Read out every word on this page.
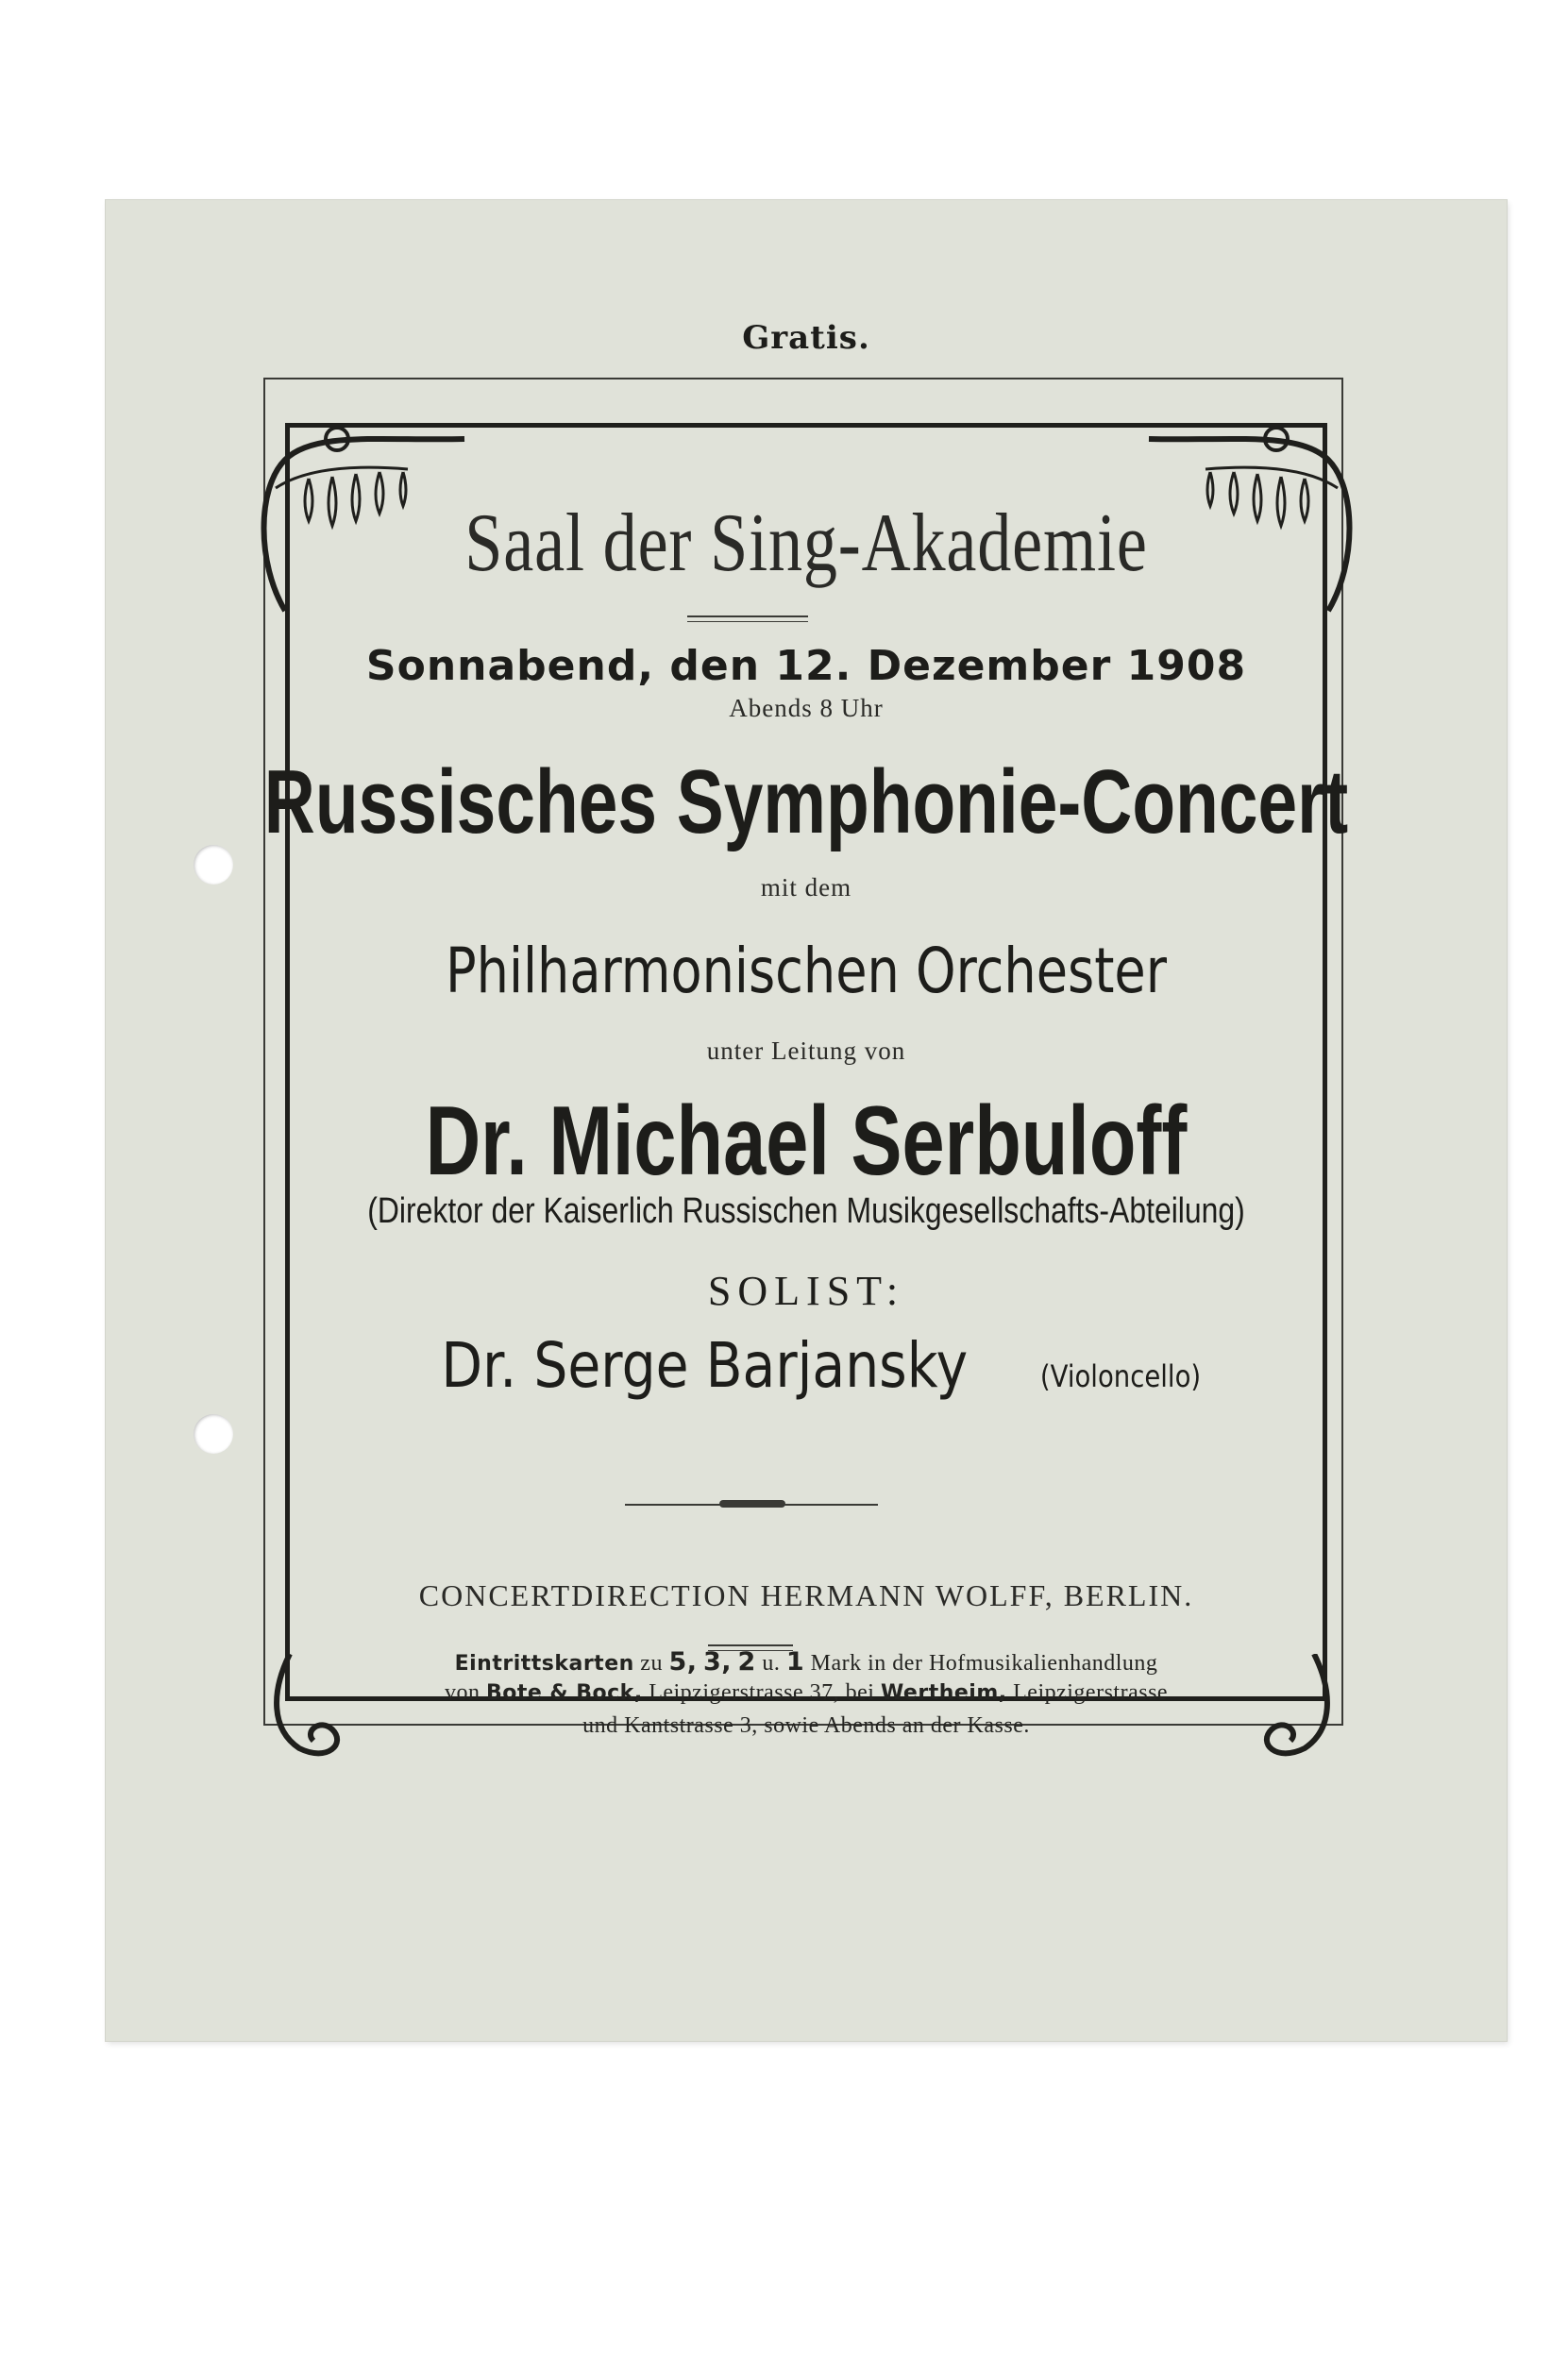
Gratis.
Saal der Sing-Akademie
Sonnabend, den 12. Dezember 1908
Abends 8 Uhr
Russisches Symphonie-Concert
mit dem
Philharmonischen Orchester
unter Leitung von
Dr. Michael Serbuloff
(Direktor der Kaiserlich Russischen Musikgesellschafts-Abteilung)
SOLIST:
Dr. Serge Barjansky (Violoncello)
CONCERTDIRECTION HERMANN WOLFF, BERLIN.
Eintrittskarten zu 5, 3, 2 u. 1 Mark in der Hofmusikalienhandlung
von Bote & Bock, Leipzigerstrasse 37, bei Wertheim, Leipzigerstrasse
und Kantstrasse 3, sowie Abends an der Kasse.
